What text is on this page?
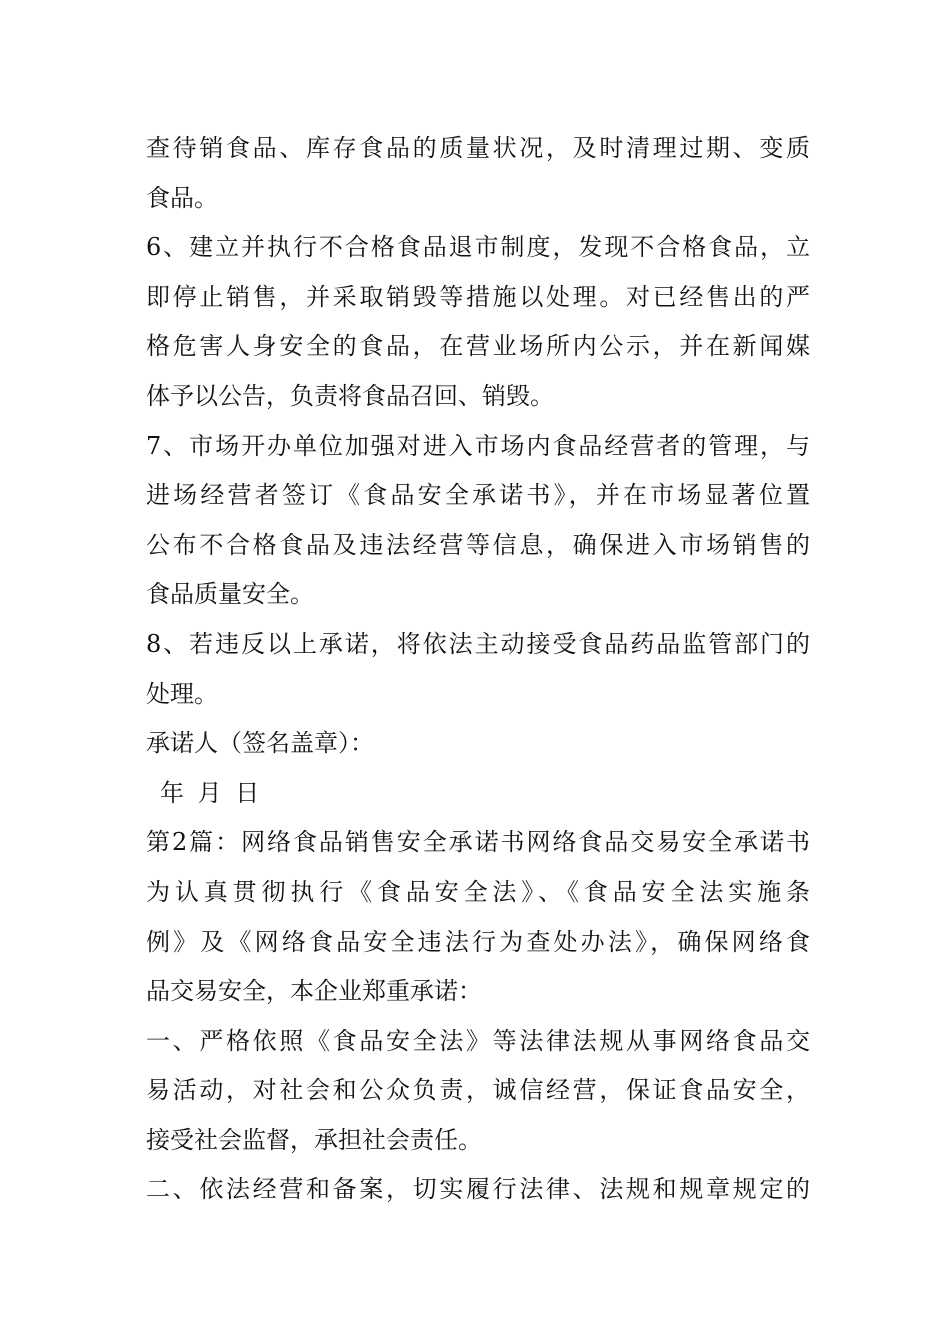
查待销食品、库存食品的质量状况，及时清理过期、变质
食品。
6、建立并执行不合格食品退市制度，发现不合格食品，立
即停止销售，并采取销毁等措施以处理。对已经售出的严
格危害人身安全的食品，在营业场所内公示，并在新闻媒
体予以公告，负责将食品召回、销毁。
7、市场开办单位加强对进入市场内食品经营者的管理，与
进场经营者签订《食品安全承诺书》，并在市场显著位置
公布不合格食品及违法经营等信息，确保进入市场销售的
食品质量安全。
8、若违反以上承诺，将依法主动接受食品药品监管部门的
处理。
承诺人（签名盖章）：
年 月 日
第2篇：网络食品销售安全承诺书网络食品交易安全承诺书
为认真贯彻执行《食品安全法》、《食品安全法实施条
例》及《网络食品安全违法行为查处办法》，确保网络食
品交易安全，本企业郑重承诺：
一、严格依照《食品安全法》等法律法规从事网络食品交
易活动，对社会和公众负责，诚信经营，保证食品安全，
接受社会监督，承担社会责任。
二、依法经营和备案，切实履行法律、法规和规章规定的
